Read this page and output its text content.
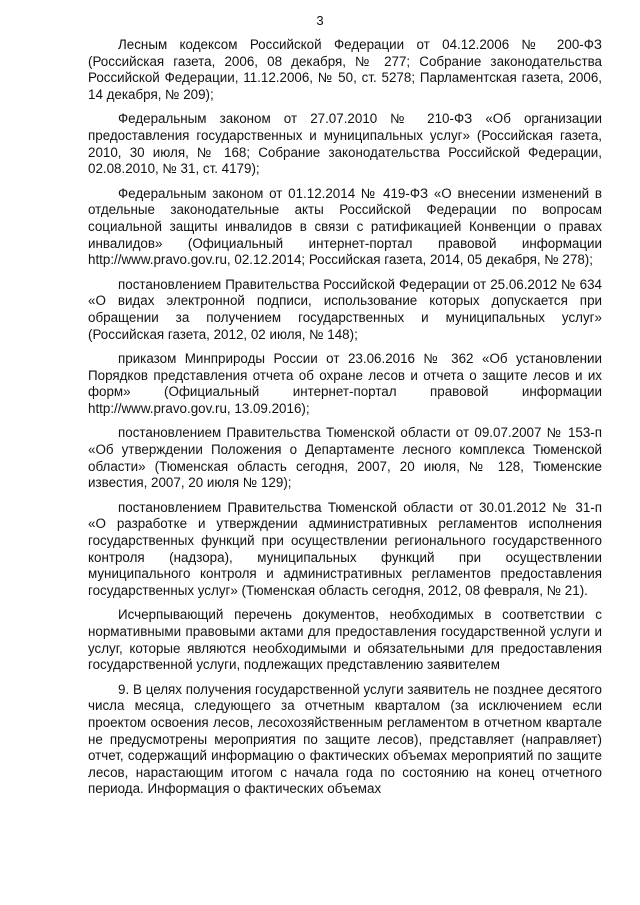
3

Лесным кодексом Российской Федерации от 04.12.2006 № 200-ФЗ (Российская газета, 2006, 08 декабря, № 277; Собрание законодательства Российской Федерации, 11.12.2006, № 50, ст. 5278; Парламентская газета, 2006, 14 декабря, № 209);

Федеральным законом от 27.07.2010 № 210-ФЗ «Об организации предоставления государственных и муниципальных услуг» (Российская газета, 2010, 30 июля, № 168; Собрание законодательства Российской Федерации, 02.08.2010, № 31, ст. 4179);

Федеральным законом от 01.12.2014 № 419-ФЗ «О внесении изменений в отдельные законодательные акты Российской Федерации по вопросам социальной защиты инвалидов в связи с ратификацией Конвенции о правах инвалидов» (Официальный интернет-портал правовой информации http://www.pravo.gov.ru, 02.12.2014; Российская газета, 2014, 05 декабря, № 278);

постановлением Правительства Российской Федерации от 25.06.2012 № 634 «О видах электронной подписи, использование которых допускается при обращении за получением государственных и муниципальных услуг» (Российская газета, 2012, 02 июля, № 148);

приказом Минприроды России от 23.06.2016 № 362 «Об установлении Порядков представления отчета об охране лесов и отчета о защите лесов и их форм» (Официальный интернет-портал правовой информации http://www.pravo.gov.ru, 13.09.2016);

постановлением Правительства Тюменской области от 09.07.2007 № 153-п «Об утверждении Положения о Департаменте лесного комплекса Тюменской области» (Тюменская область сегодня, 2007, 20 июля, № 128, Тюменские известия, 2007, 20 июля № 129);

постановлением Правительства Тюменской области от 30.01.2012 № 31-п «О разработке и утверждении административных регламентов исполнения государственных функций при осуществлении регионального государственного контроля (надзора), муниципальных функций при осуществлении муниципального контроля и административных регламентов предоставления государственных услуг» (Тюменская область сегодня, 2012, 08 февраля, № 21).

Исчерпывающий перечень документов, необходимых в соответствии с нормативными правовыми актами для предоставления государственной услуги и услуг, которые являются необходимыми и обязательными для предоставления государственной услуги, подлежащих представлению заявителем

9. В целях получения государственной услуги заявитель не позднее десятого числа месяца, следующего за отчетным кварталом (за исключением если проектом освоения лесов, лесохозяйственным регламентом в отчетном квартале не предусмотрены мероприятия по защите лесов), представляет (направляет) отчет, содержащий информацию о фактических объемах мероприятий по защите лесов, нарастающим итогом с начала года по состоянию на конец отчетного периода. Информация о фактических объемах
